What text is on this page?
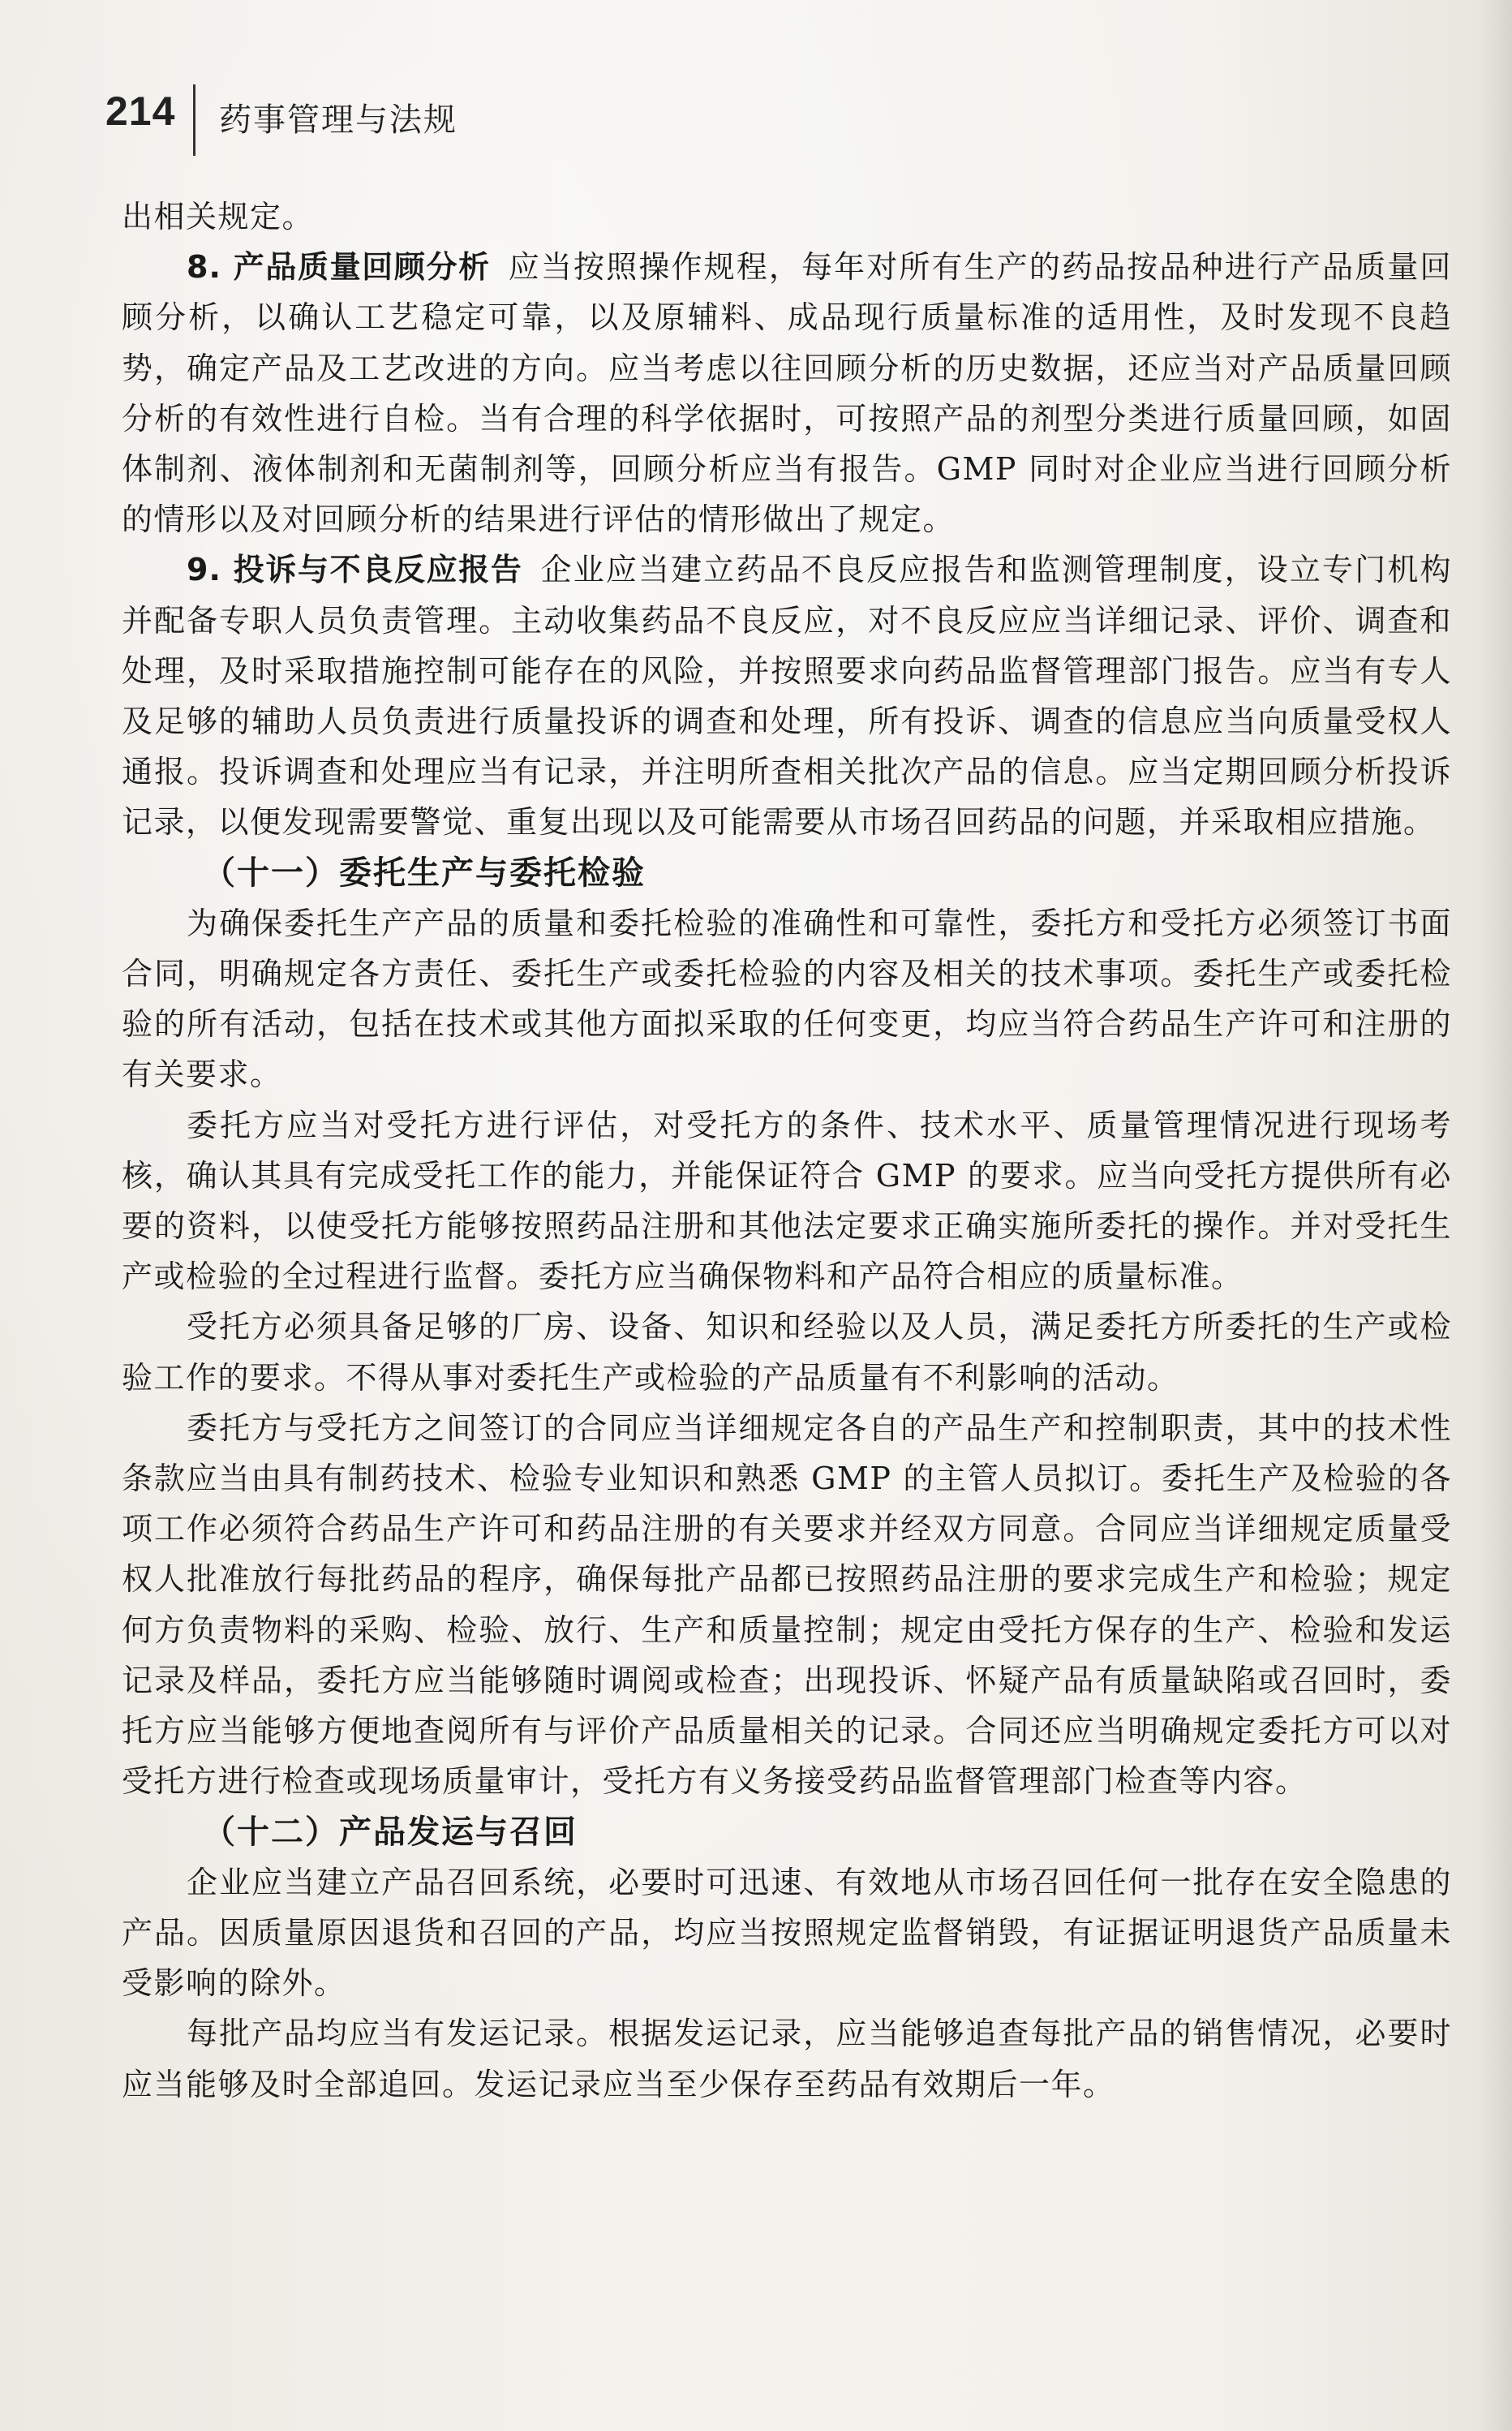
214 药事管理与法规

出相关规定。

8. 产品质量回顾分析 应当按照操作规程，每年对所有生产的药品按品种进行产品质量回顾分析，以确认工艺稳定可靠，以及原辅料、成品现行质量标准的适用性，及时发现不良趋势，确定产品及工艺改进的方向。应当考虑以往回顾分析的历史数据，还应当对产品质量回顾分析的有效性进行自检。当有合理的科学依据时，可按照产品的剂型分类进行质量回顾，如固体制剂、液体制剂和无菌制剂等，回顾分析应当有报告。GMP 同时对企业应当进行回顾分析的情形以及对回顾分析的结果进行评估的情形做出了规定。

9. 投诉与不良反应报告 企业应当建立药品不良反应报告和监测管理制度，设立专门机构并配备专职人员负责管理。主动收集药品不良反应，对不良反应应当详细记录、评价、调查和处理，及时采取措施控制可能存在的风险，并按照要求向药品监督管理部门报告。应当有专人及足够的辅助人员负责进行质量投诉的调查和处理，所有投诉、调查的信息应当向质量受权人通报。投诉调查和处理应当有记录，并注明所查相关批次产品的信息。应当定期回顾分析投诉记录，以便发现需要警觉、重复出现以及可能需要从市场召回药品的问题，并采取相应措施。

（十一）委托生产与委托检验

为确保委托生产产品的质量和委托检验的准确性和可靠性，委托方和受托方必须签订书面合同，明确规定各方责任、委托生产或委托检验的内容及相关的技术事项。委托生产或委托检验的所有活动，包括在技术或其他方面拟采取的任何变更，均应当符合药品生产许可和注册的有关要求。

委托方应当对受托方进行评估，对受托方的条件、技术水平、质量管理情况进行现场考核，确认其具有完成受托工作的能力，并能保证符合 GMP 的要求。应当向受托方提供所有必要的资料，以使受托方能够按照药品注册和其他法定要求正确实施所委托的操作。并对受托生产或检验的全过程进行监督。委托方应当确保物料和产品符合相应的质量标准。

受托方必须具备足够的厂房、设备、知识和经验以及人员，满足委托方所委托的生产或检验工作的要求。不得从事对委托生产或检验的产品质量有不利影响的活动。

委托方与受托方之间签订的合同应当详细规定各自的产品生产和控制职责，其中的技术性条款应当由具有制药技术、检验专业知识和熟悉 GMP 的主管人员拟订。委托生产及检验的各项工作必须符合药品生产许可和药品注册的有关要求并经双方同意。合同应当详细规定质量受权人批准放行每批药品的程序，确保每批产品都已按照药品注册的要求完成生产和检验；规定何方负责物料的采购、检验、放行、生产和质量控制；规定由受托方保存的生产、检验和发运记录及样品，委托方应当能够随时调阅或检查；出现投诉、怀疑产品有质量缺陷或召回时，委托方应当能够方便地查阅所有与评价产品质量相关的记录。合同还应当明确规定委托方可以对受托方进行检查或现场质量审计，受托方有义务接受药品监督管理部门检查等内容。

（十二）产品发运与召回

企业应当建立产品召回系统，必要时可迅速、有效地从市场召回任何一批存在安全隐患的产品。因质量原因退货和召回的产品，均应当按照规定监督销毁，有证据证明退货产品质量未受影响的除外。

每批产品均应当有发运记录。根据发运记录，应当能够追查每批产品的销售情况，必要时应当能够及时全部追回。发运记录应当至少保存至药品有效期后一年。
